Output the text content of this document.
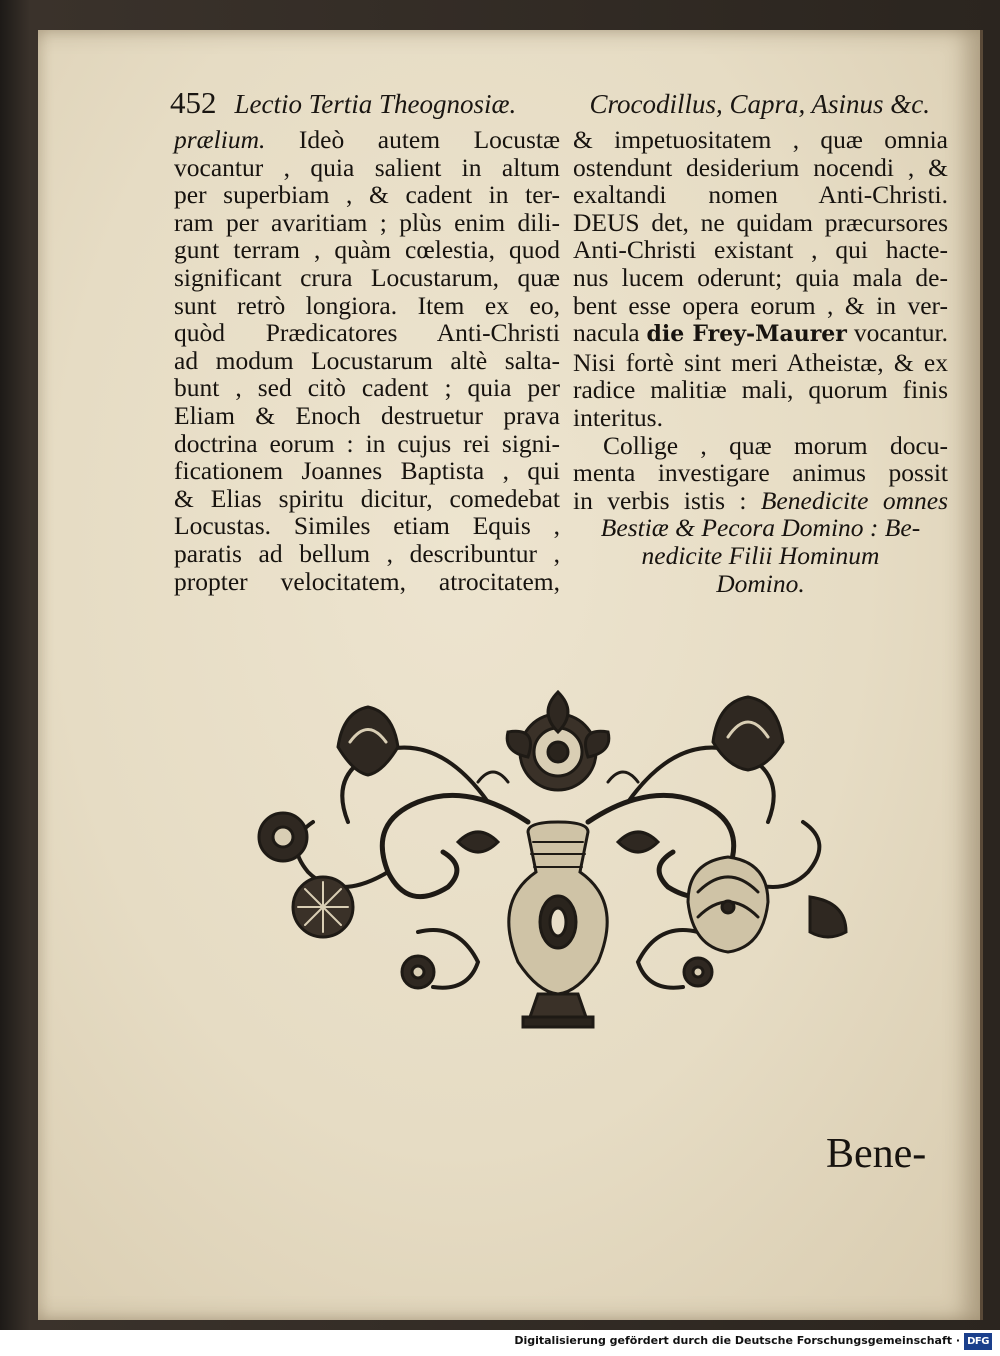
452 Lectio Tertia Theognosiæ.	Crocodillus, Capra, Asinus &c.
prælium. Ideò autem Locustæ
vocantur , quia salient in altum
per superbiam , & cadent in ter-
ram per avaritiam ; plùs enim dili-
gunt terram , quàm cœlestia, quod
significant crura Locustarum, quæ
sunt retrò longiora. Item ex eo,
quòd Prædicatores Anti-Christi
ad modum Locustarum altè salta-
bunt , sed citò cadent ; quia per
Eliam & Enoch destruetur prava
doctrina eorum : in cujus rei signi-
ficationem Joannes Baptista , qui
& Elias spiritu dicitur, comedebat
Locustas. Similes etiam Equis ,
paratis ad bellum , describuntur ,
propter velocitatem, atrocitatem,
& impetuositatem , quæ omnia
ostendunt desiderium nocendi , &
exaltandi nomen Anti-Christi.
DEUS det, ne quidam præcursores
Anti-Christi existant , qui hacte-
nus lucem oderunt; quia mala de-
bent esse opera eorum , & in ver-
nacula die Frey-Maurer vocantur.
Nisi fortè sint meri Atheistæ, & ex
radice malitiæ mali, quorum finis
interitus.
Collige , quæ morum docu-
menta investigare animus possit
in verbis istis : Benedicite omnes
Bestiæ & Pecora Domino : Be-
nedicite Filii Hominum
Domino.
Bene-
Digitalisierung gefördert durch die Deutsche Forschungsgemeinschaft · DFG
